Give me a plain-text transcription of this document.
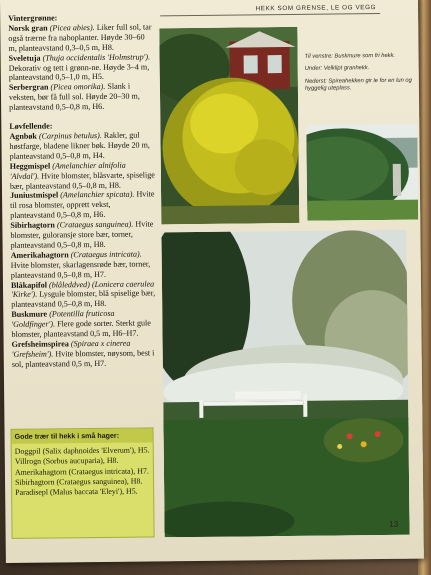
HEKK SOM GRENSE, LE OG VEGG
Vintergrønne:

Norsk gran (Picea abies). Liker full sol, tar også trærne fra naboplanter. Høyde 30–60 m, planteavstand 0,3–0,5 m, H8.

Sveletuja (Thuja occidentalis 'Holmstrup'). Dekorativ og tett i grønn-ne. Høyde 3–4 m, planteavstand 0,5–1,0 m, H5.

Serbergran (Picea omorika). Slank i veksten, bør få full sol. Høyde 20–30 m, planteavstand 0,5–0,8 m, H6.

Løvfellende:

Agnbøk (Carpinus betulus). Rakler, gul høstfarge, bladene likner bøk. Høyde 20 m, planteavstand 0,5–0,8 m, H4.

Heggmispel (Amelanchier alnifolia 'Alvdal'). Hvite blomster, blåsvarte, spiselige bær, planteavstand 0,5–0,8 m, H8.

Juniustmispel (Amelanchier spicata). Hvite til rosa blomster, opprett vekst, planteavstand 0,5–0,8 m, H6.

Sibirhagtorn (Crataegus sanguinea). Hvite blomster, guloransje store bær, torner, planteavstand 0,5–0,8 m, H8.

Amerikahagtorn (Crataegus intricata). Hvite blomster, skarlagensrøde bær, torner, planteavstand 0,5–0,8 m, H7.

Blåkapifol (blåleddved) (Lonicera caerulea 'Kirke'). Lysgule blomster, blå spiselige bær, planteavstand 0,5–0,8 m, H8.

Buskmure (Potentilla fruticosa 'Goldfinger'). Flere gode sorter. Sterkt gule blomster, planteavstand 0,5 m, H6–H7.

Grefsheimspirea (Spiraea x cinerea 'Grefsheim'). Hvite blomster, nøysom, best i sol, planteavstand 0,5 m, H7.

Gode trær til hekk i små hager:
Doggpil (Salix daphnoides 'Elverum'), H5.
Villrogn (Sorbus aucuparia), H8.
Amerikahagtorn (Crataegus intricata), H7.
Sibirhagtorn (Crataegus sanguinea), H8.
Paradisepl (Malus baccata 'Eleyi'), H5.

Til venstre: Buskmure som fri hekk.

Under: Velklipt granhekk.

Nederst: Spireahekken gir le for en lun og hyggelig uteplass.

13
